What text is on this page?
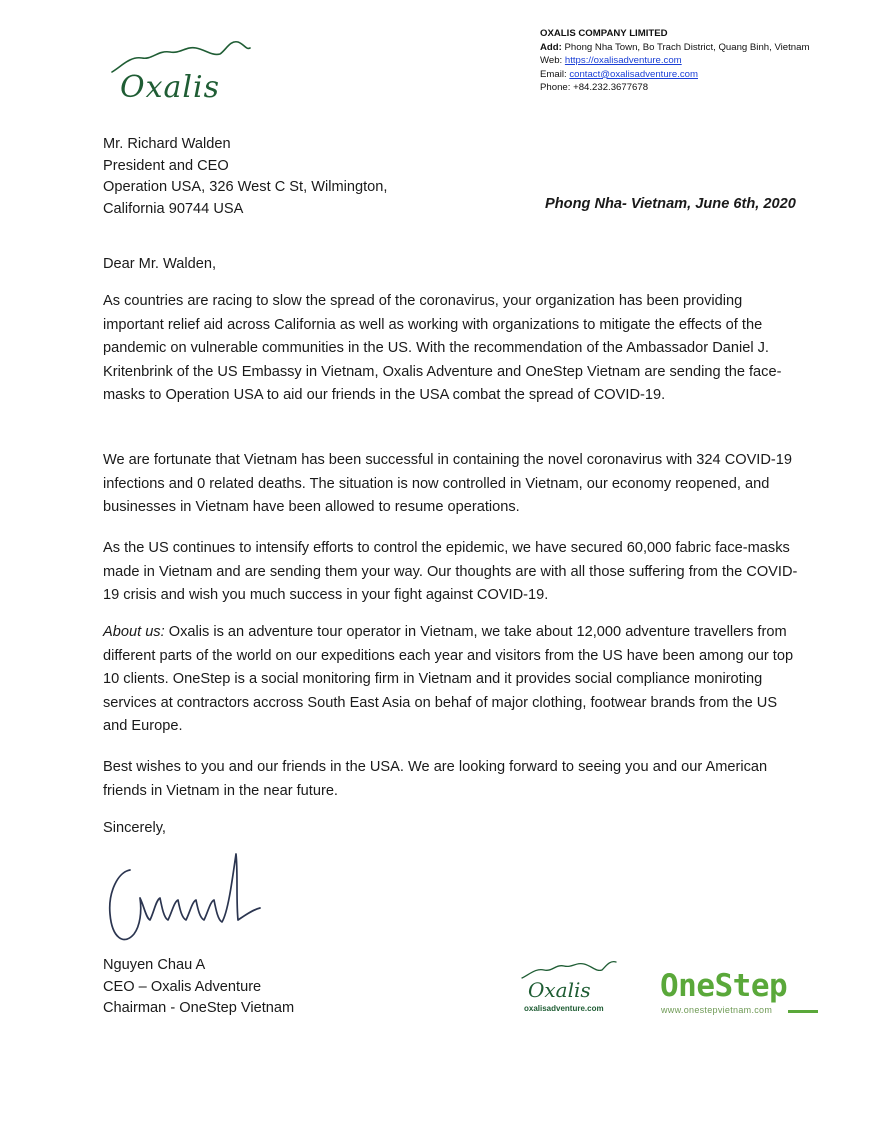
Oxalis
OXALIS COMPANY LIMITED
Add: Phong Nha Town, Bo Trach District, Quang Binh, Vietnam
Web: https://oxalisadventure.com
Email: contact@oxalisadventure.com
Phone: +84.232.3677678
Mr. Richard Walden
President and CEO
Operation USA, 326 West C St, Wilmington,
California 90744 USA	Phong Nha- Vietnam, June 6th, 2020
Dear Mr. Walden,

As countries are racing to slow the spread of the coronavirus, your organization has been providing important relief aid across California as well as working with organizations to mitigate the effects of the pandemic on vulnerable communities in the US. With the recommendation of the Ambassador Daniel J. Kritenbrink of the US Embassy in Vietnam, Oxalis Adventure and OneStep Vietnam are sending the face-masks to Operation USA to aid our friends in the USA combat the spread of COVID-19.

We are fortunate that Vietnam has been successful in containing the novel coronavirus with 324 COVID-19 infections and 0 related deaths. The situation is now controlled in Vietnam, our economy reopened, and businesses in Vietnam have been allowed to resume operations.

As the US continues to intensify efforts to control the epidemic, we have secured 60,000 fabric face-masks made in Vietnam and are sending them your way. Our thoughts are with all those suffering from the COVID-19 crisis and wish you much success in your fight against COVID-19.

About us: Oxalis is an adventure tour operator in Vietnam, we take about 12,000 adventure travellers from different parts of the world on our expeditions each year and visitors from the US have been among our top 10 clients. OneStep is a social monitoring firm in Vietnam and it provides social compliance moniroting services at contractors accross South East Asia on behaf of major clothing, footwear brands from the US and Europe.

Best wishes to you and our friends in the USA. We are looking forward to seeing you and our American friends in Vietnam in the near future.

Sincerely,
Nguyen Chau A
CEO – Oxalis Adventure
Chairman - OneStep Vietnam
Oxalis
oxalisadventure.com
OneStep
www.onestepvietnam.com
